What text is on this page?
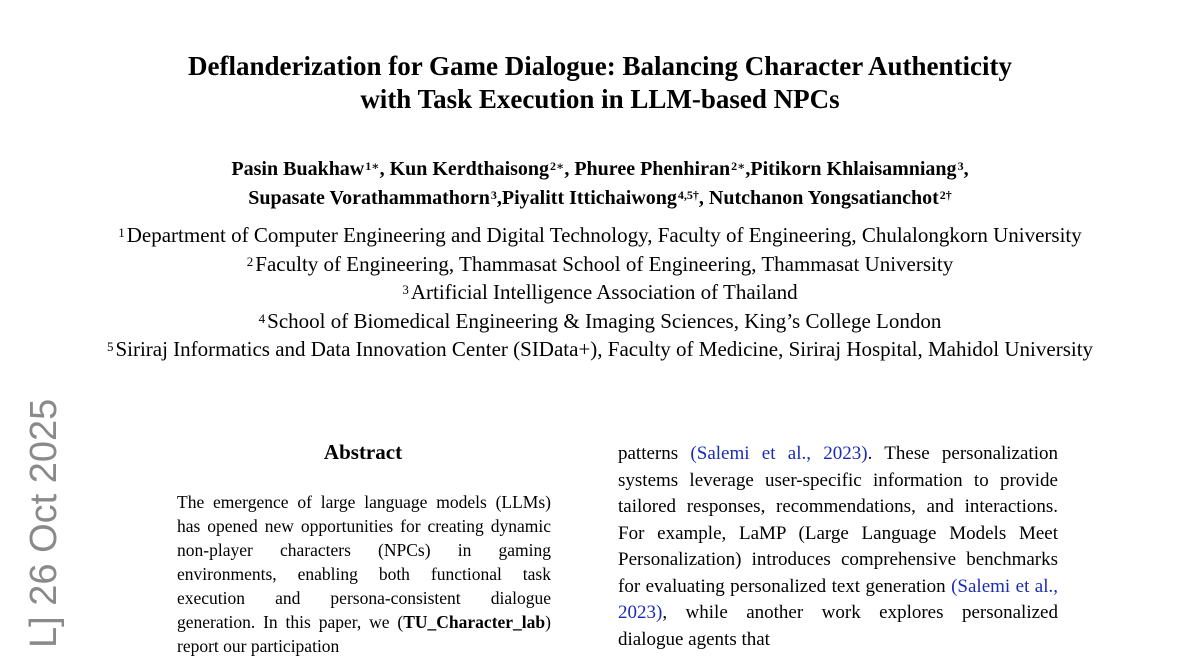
Deflanderization for Game Dialogue: Balancing Character Authenticity
with Task Execution in LLM-based NPCs
Pasin Buakhaw$^{1∗}$, Kun Kerdthaisong$^{2∗}$, Phuree Phenhiran$^{2∗}$,Pitikorn Khlaisamniang$^3$,
Supasate Vorathammathorn$^3$,Piyalitt Ittichaiwong$^{4,5\dagger}$, Nutchanon Yongsatianchot$^{2\dagger}$
$^1$Department of Computer Engineering and Digital Technology, Faculty of Engineering, Chulalongkorn University
$^2$Faculty of Engineering, Thammasat School of Engineering, Thammasat University
$^3$Artificial Intelligence Association of Thailand
$^4$School of Biomedical Engineering & Imaging Sciences, King’s College London
$^5$Siriraj Informatics and Data Innovation Center (SIData+), Faculty of Medicine, Siriraj Hospital, Mahidol University
L] 26 Oct 2025	Abstract
The emergence of large language models (LLMs) has opened new opportunities for creating dynamic non-player characters (NPCs) in gaming environments, enabling both functional task execution and persona-consistent dialogue generation. In this paper, we (TU_Character_lab) report our participation
patterns (Salemi et al., 2023). These personalization systems leverage user-specific information to provide tailored responses, recommendations, and interactions. For example, LaMP (Large Language Models Meet Personalization) introduces comprehensive benchmarks for evaluating personalized text generation (Salemi et al., 2023), while another work explores personalized dialogue agents that
